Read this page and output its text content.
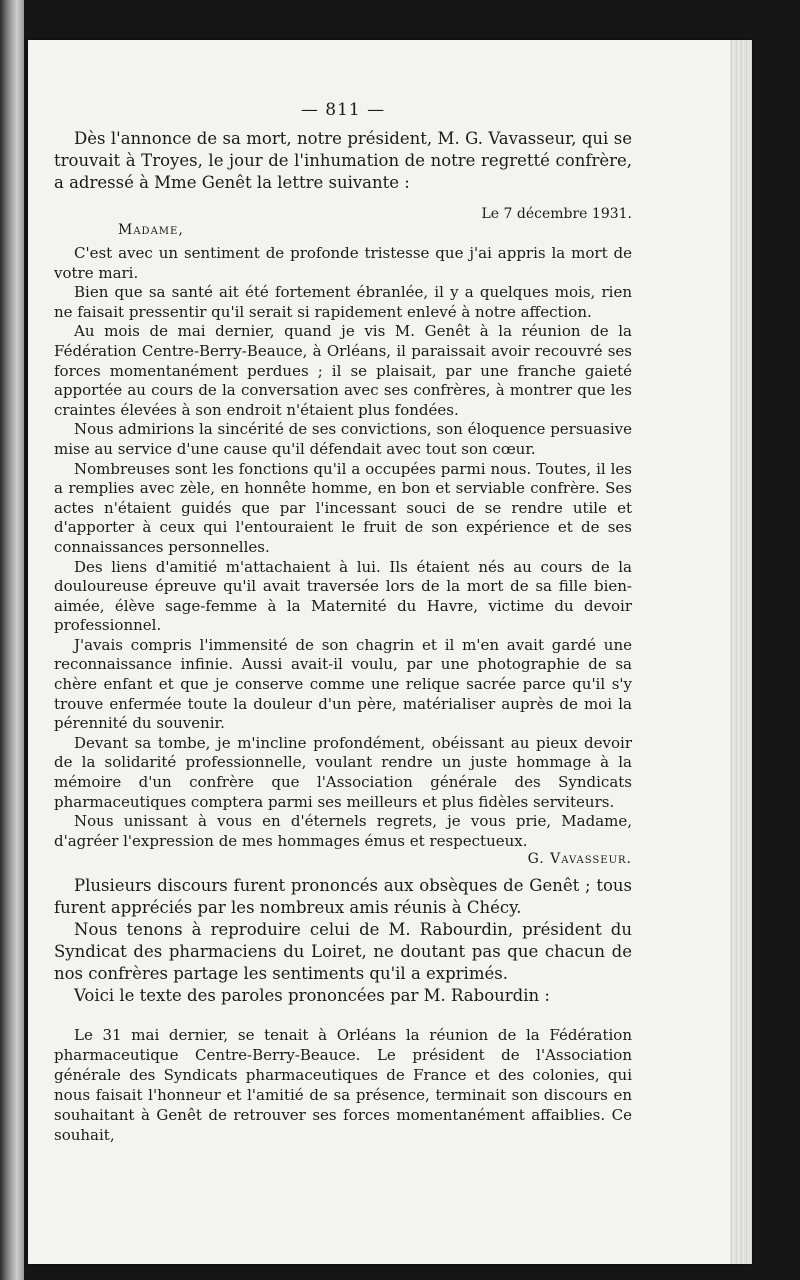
— 811 —

Dès l'annonce de sa mort, notre président, M. G. Vavasseur, qui se trouvait à Troyes, le jour de l'inhumation de notre regretté confrère, a adressé à Mme Genêt la lettre suivante :

Le 7 décembre 1931.
Madame,

C'est avec un sentiment de profonde tristesse que j'ai appris la mort de votre mari.

Bien que sa santé ait été fortement ébranlée, il y a quelques mois, rien ne faisait pressentir qu'il serait si rapidement enlevé à notre affection.

Au mois de mai dernier, quand je vis M. Genêt à la réunion de la Fédération Centre-Berry-Beauce, à Orléans, il paraissait avoir recouvré ses forces momentanément perdues ; il se plaisait, par une franche gaieté apportée au cours de la conversation avec ses confrères, à montrer que les craintes élevées à son endroit n'étaient plus fondées.

Nous admirions la sincérité de ses convictions, son éloquence persuasive mise au service d'une cause qu'il défendait avec tout son cœur.

Nombreuses sont les fonctions qu'il a occupées parmi nous. Toutes, il les a remplies avec zèle, en honnête homme, en bon et serviable confrère. Ses actes n'étaient guidés que par l'incessant souci de se rendre utile et d'apporter à ceux qui l'entouraient le fruit de son expérience et de ses connaissances personnelles.

Des liens d'amitié m'attachaient à lui. Ils étaient nés au cours de la douloureuse épreuve qu'il avait traversée lors de la mort de sa fille bien-aimée, élève sage-femme à la Maternité du Havre, victime du devoir professionnel.

J'avais compris l'immensité de son chagrin et il m'en avait gardé une reconnaissance infinie. Aussi avait-il voulu, par une photographie de sa chère enfant et que je conserve comme une relique sacrée parce qu'il s'y trouve enfermée toute la douleur d'un père, matérialiser auprès de moi la pérennité du souvenir.

Devant sa tombe, je m'incline profondément, obéissant au pieux devoir de la solidarité professionnelle, voulant rendre un juste hommage à la mémoire d'un confrère que l'Association générale des Syndicats pharmaceutiques comptera parmi ses meilleurs et plus fidèles serviteurs.

Nous unissant à vous en d'éternels regrets, je vous prie, Madame, d'agréer l'expression de mes hommages émus et respectueux.

G. Vavasseur.

Plusieurs discours furent prononcés aux obsèques de Genêt ; tous furent appréciés par les nombreux amis réunis à Chécy.

Nous tenons à reproduire celui de M. Rabourdin, président du Syndicat des pharmaciens du Loiret, ne doutant pas que chacun de nos confrères partage les sentiments qu'il a exprimés.

Voici le texte des paroles prononcées par M. Rabourdin :

Le 31 mai dernier, se tenait à Orléans la réunion de la Fédération pharmaceutique Centre-Berry-Beauce. Le président de l'Association générale des Syndicats pharmaceutiques de France et des colonies, qui nous faisait l'honneur et l'amitié de sa présence, terminait son discours en souhaitant à Genêt de retrouver ses forces momentanément affaiblies. Ce souhait,
